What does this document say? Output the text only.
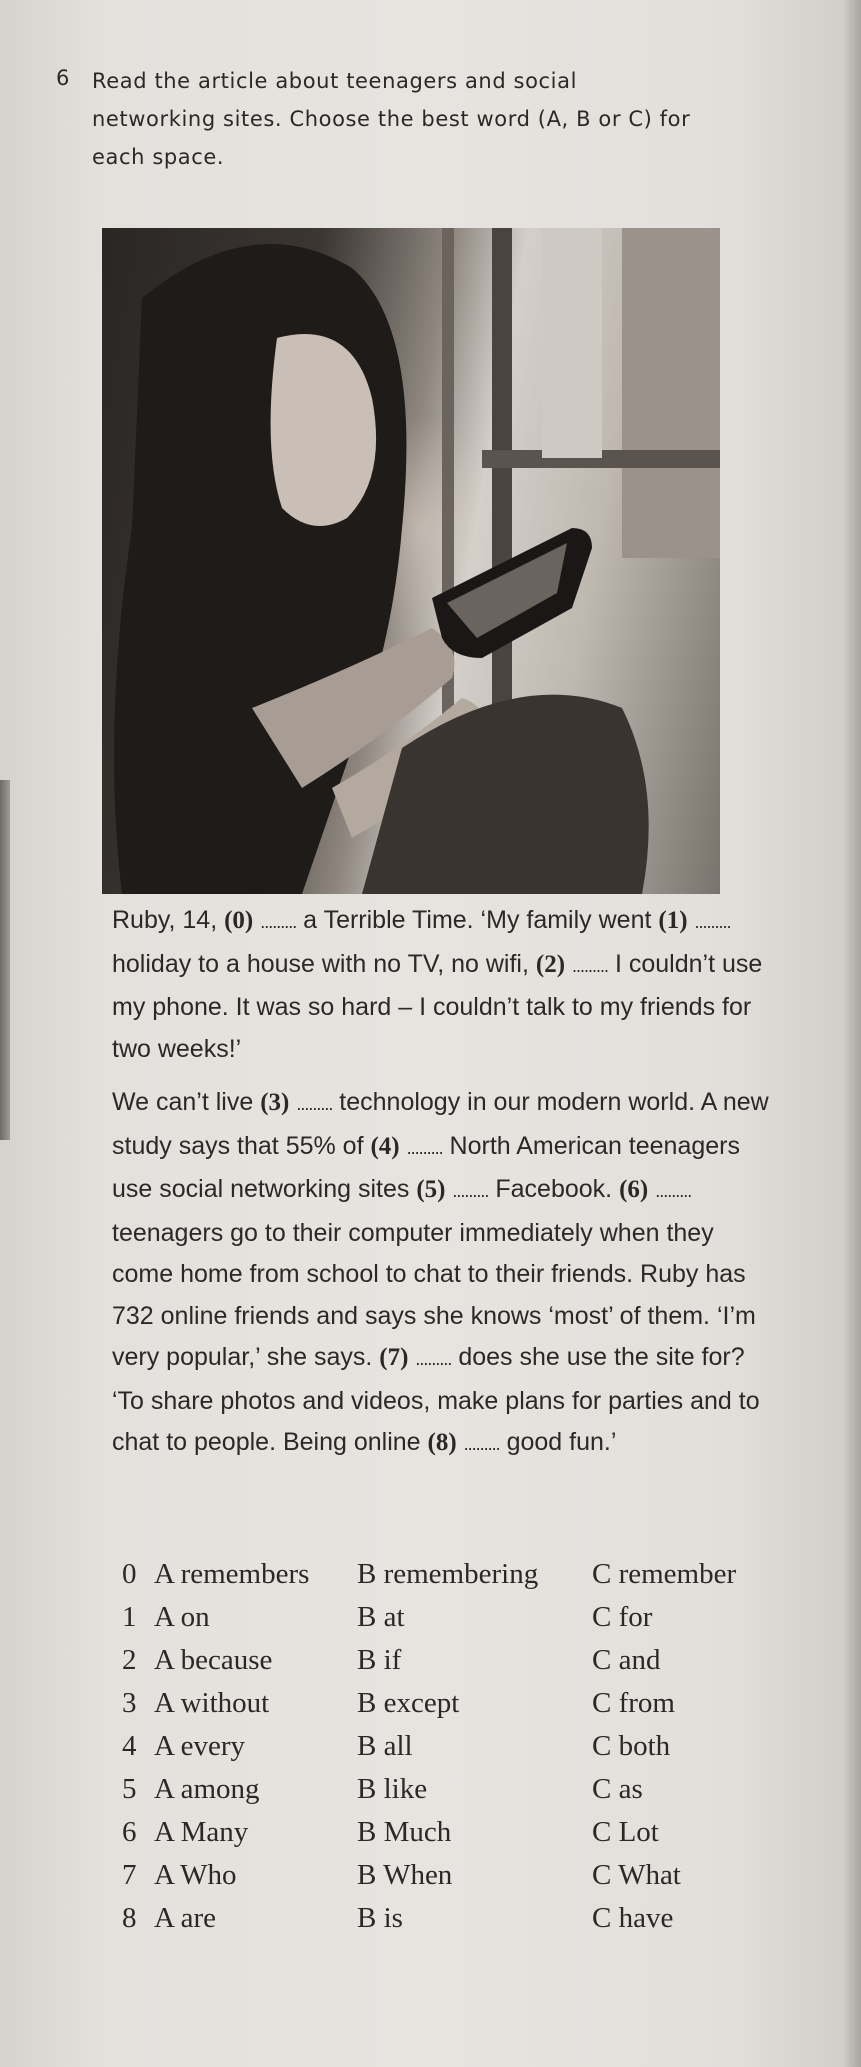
6 Read the article about teenagers and social networking sites. Choose the best word (A, B or C) for each space.

Ruby, 14, (0) ......... a Terrible Time. ‘My family went (1) ......... holiday to a house with no TV, no wifi, (2) ......... I couldn’t use my phone. It was so hard – I couldn’t talk to my friends for two weeks!’

We can’t live (3) ......... technology in our modern world. A new study says that 55% of (4) ......... North American teenagers use social networking sites (5) ......... Facebook. (6) ......... teenagers go to their computer immediately when they come home from school to chat to their friends. Ruby has 732 online friends and says she knows ‘most’ of them. ‘I’m very popular,’ she says. (7) ......... does she use the site for? ‘To share photos and videos, make plans for parties and to chat to people. Being online (8) ......... good fun.’

0 A remembers B remembering C remember
1 A on	B at	C for
2 A because	B if	C and
3 A without	B except	C from
4 A every	B all	C both
5 A among	B like	C as
6 A Many	B Much	C Lot
7 A Who	B When	C What
8 A are	B is	C have
